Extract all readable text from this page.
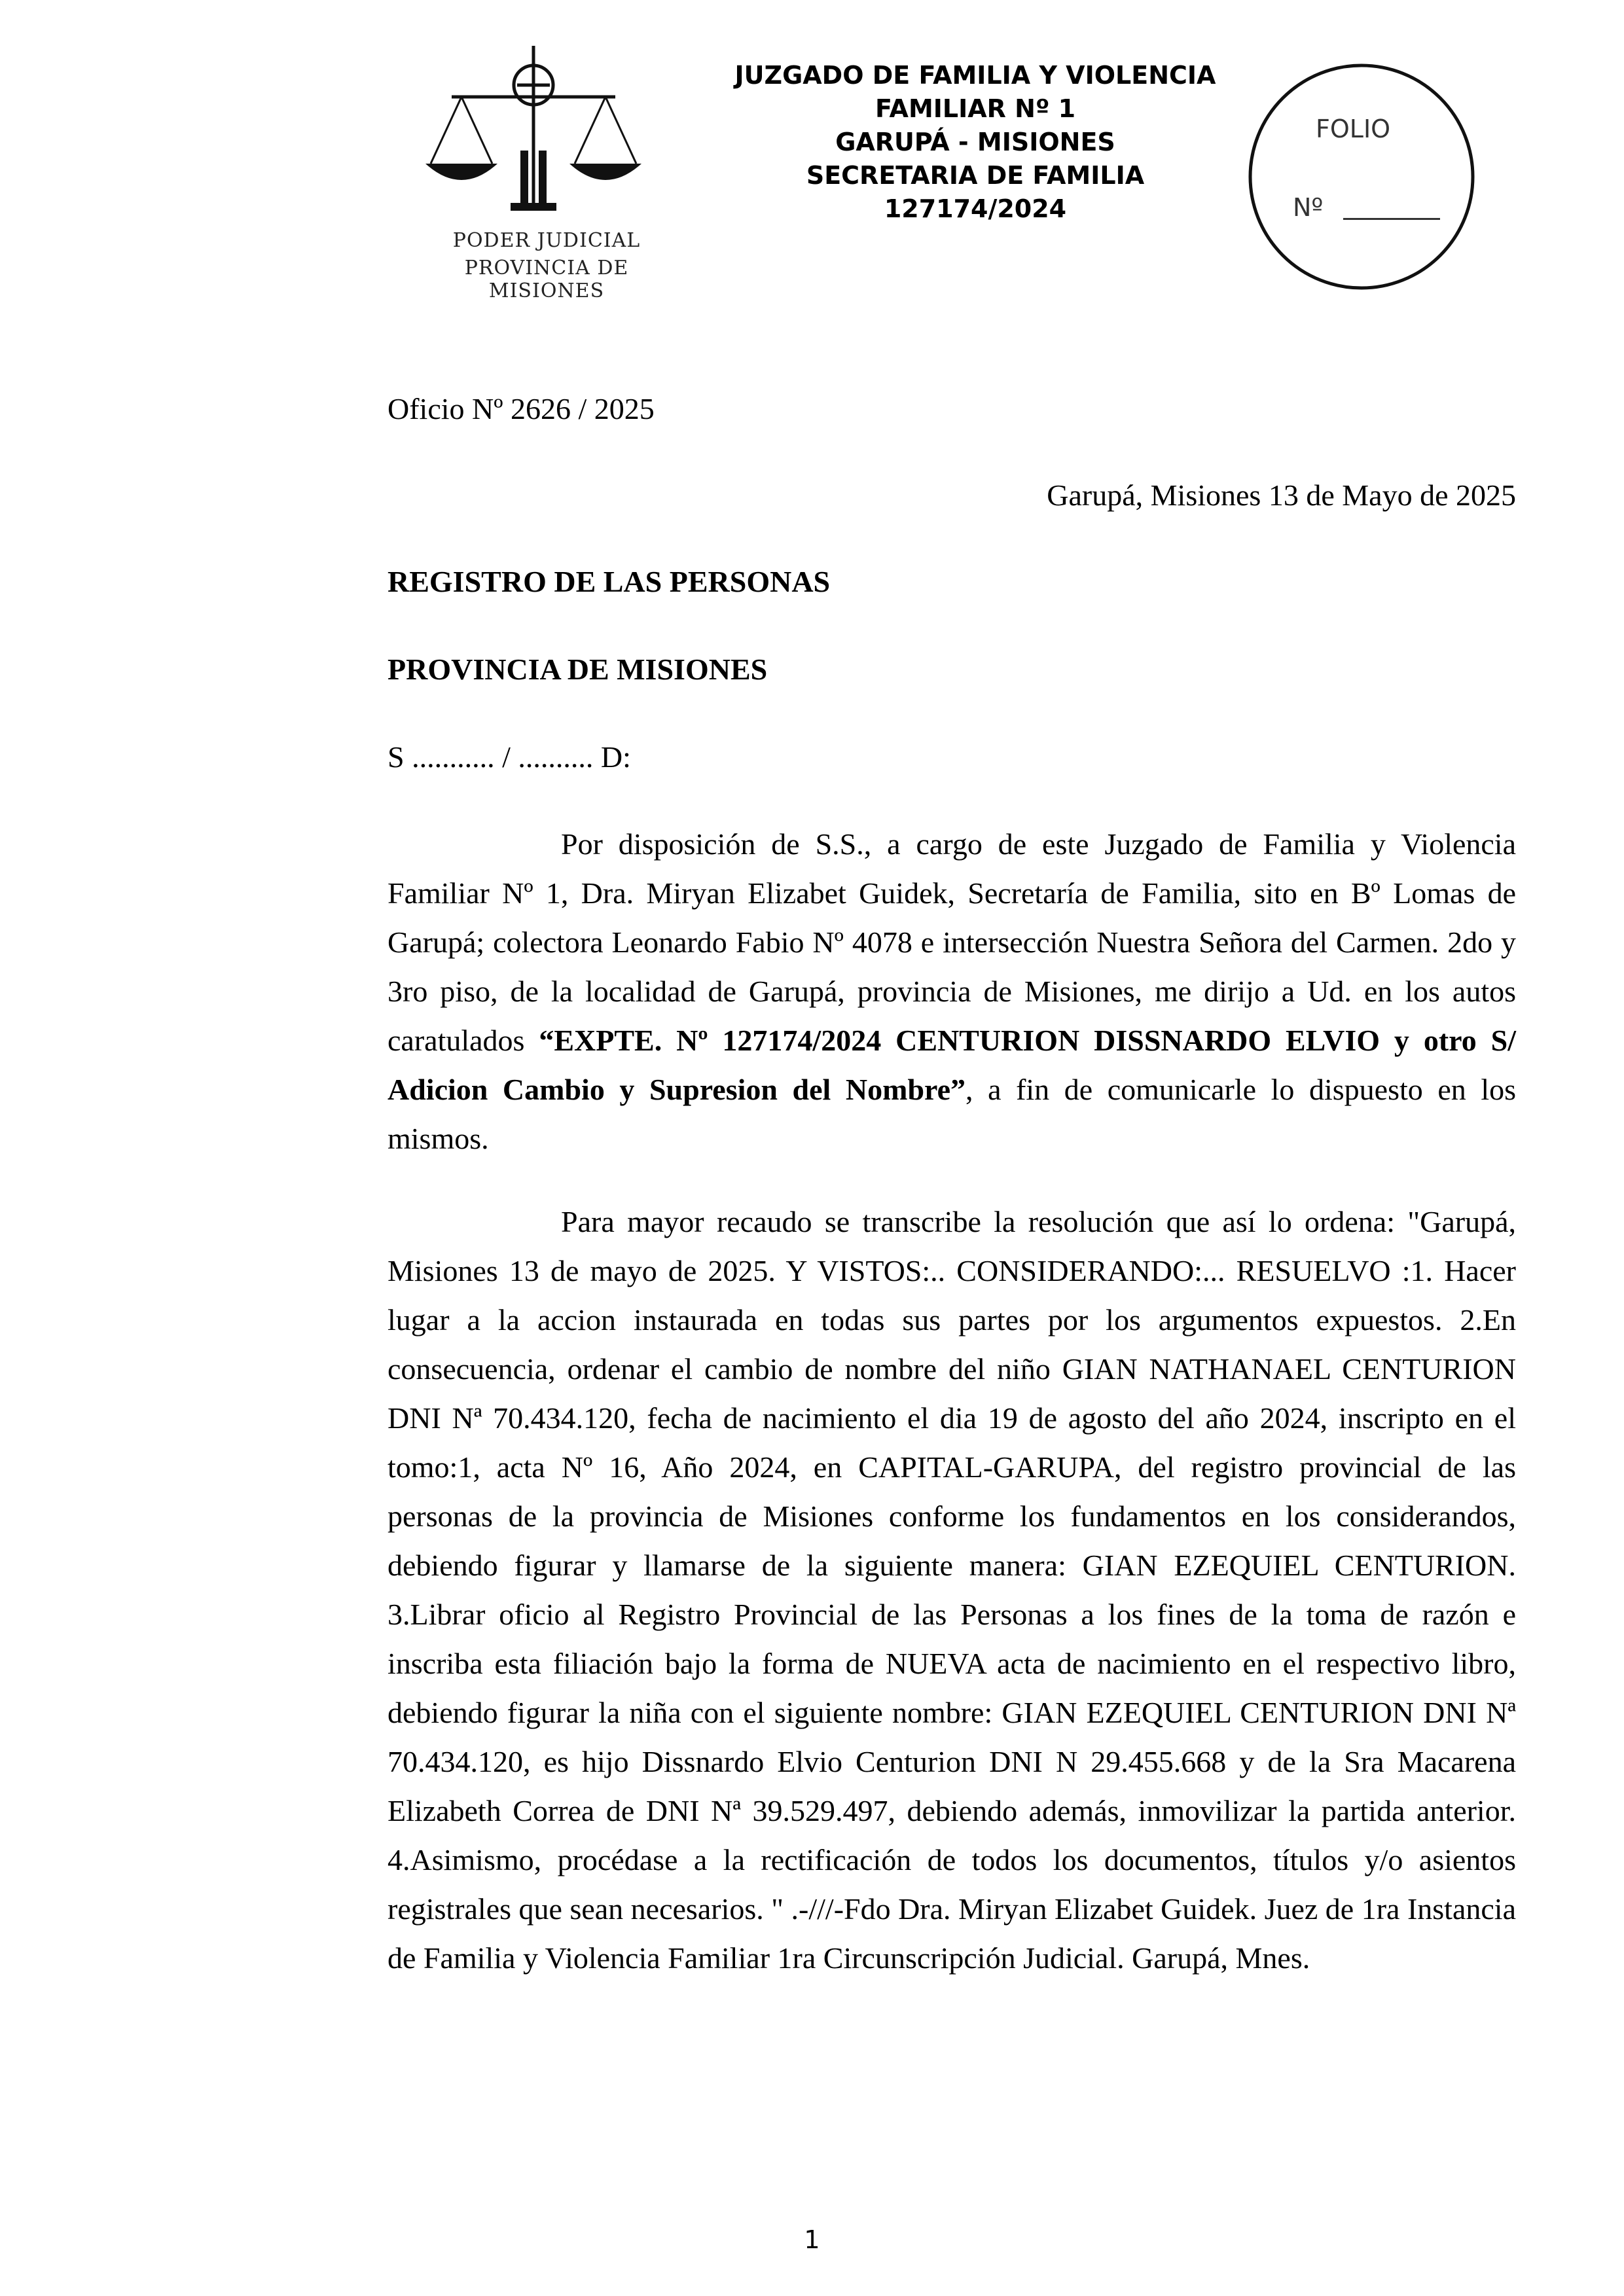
PODER JUDICIAL
PROVINCIA DE MISIONES
JUZGADO DE FAMILIA Y VIOLENCIA
FAMILIAR Nº 1
GARUPÁ - MISIONES
SECRETARIA DE FAMILIA
127174/2024
FOLIO
Nº
Oficio Nº 2626 / 2025
Garupá, Misiones 13 de Mayo de 2025
REGISTRO DE LAS PERSONAS
PROVINCIA DE MISIONES
S ........... / .......... D:

Por disposición de S.S., a cargo de este Juzgado de Familia y Violencia Familiar Nº 1, Dra. Miryan Elizabet Guidek, Secretaría de Familia, sito en Bº Lomas de Garupá; colectora Leonardo Fabio Nº 4078 e intersección Nuestra Señora del Carmen. 2do y 3ro piso, de la localidad de Garupá, provincia de Misiones, me dirijo a Ud. en los autos caratulados “EXPTE. Nº 127174/2024 CENTURION DISSNARDO ELVIO y otro S/ Adicion Cambio y Supresion del Nombre”, a fin de comunicarle lo dispuesto en los mismos.

Para mayor recaudo se transcribe la resolución que así lo ordena: "Garupá, Misiones 13 de mayo de 2025. Y VISTOS:.. CONSIDERANDO:... RESUELVO :1. Hacer lugar a la accion instaurada en todas sus partes por los argumentos expuestos. 2.En consecuencia, ordenar el cambio de nombre del niño GIAN NATHANAEL CENTURION DNI Nª 70.434.120, fecha de nacimiento el dia 19 de agosto del año 2024, inscripto en el tomo:1, acta Nº 16, Año 2024, en CAPITAL-GARUPA, del registro provincial de las personas de la provincia de Misiones conforme los fundamentos en los considerandos, debiendo figurar y llamarse de la siguiente manera: GIAN EZEQUIEL CENTURION. 3.Librar oficio al Registro Provincial de las Personas a los fines de la toma de razón e inscriba esta filiación bajo la forma de NUEVA acta de nacimiento en el respectivo libro, debiendo figurar la niña con el siguiente nombre: GIAN EZEQUIEL CENTURION DNI Nª 70.434.120, es hijo Dissnardo Elvio Centurion DNI N 29.455.668 y de la Sra Macarena Elizabeth Correa de DNI Nª 39.529.497, debiendo además, inmovilizar la partida anterior. 4.Asimismo, procédase a la rectificación de todos los documentos, títulos y/o asientos registrales que sean necesarios. " .-///-Fdo Dra. Miryan Elizabet Guidek. Juez de 1ra Instancia de Familia y Violencia Familiar 1ra Circunscripción Judicial. Garupá, Mnes.

1
